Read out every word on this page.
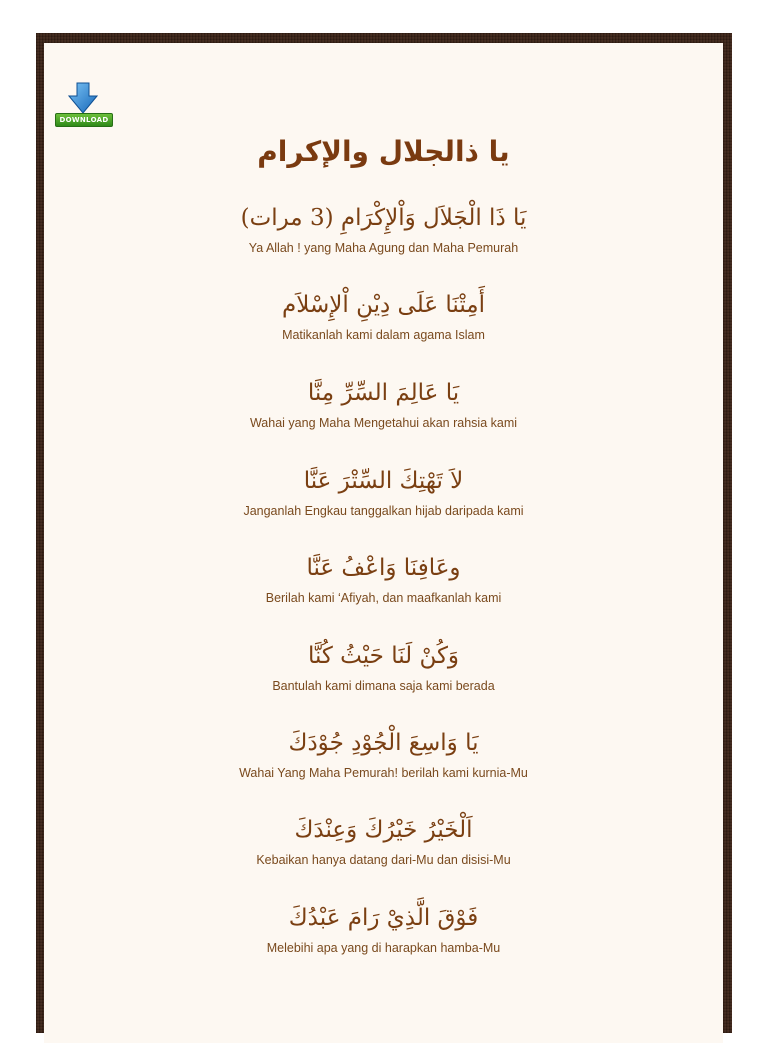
DOWNLOAD
يا ذالجلال والإكرام
يَا ذَا الْجَلاَل وَاْلإِكْرَامِ (3 مرات)
Ya Allah ! yang Maha Agung dan Maha Pemurah
أَمِتْنَا عَلَى دِيْنِ اْلإِسْلاَم
Matikanlah kami dalam agama Islam
يَا عَالِمَ السِّرِّ مِنَّا
Wahai yang Maha Mengetahui akan rahsia kami
لاَ تَهْتِكَ السِّتْرَ عَنَّا
Janganlah Engkau tanggalkan hijab daripada kami
وعَافِنَا وَاعْفُ عَنَّا
Berilah kami ‘Afiyah, dan maafkanlah kami
وَكُنْ لَنَا حَيْثُ كُنَّا
Bantulah kami dimana saja kami berada
يَا وَاسِعَ الْجُوْدِ جُوْدَكَ
Wahai Yang Maha Pemurah! berilah kami kurnia-Mu
اَلْخَيْرُ خَيْرُكَ وَعِنْدَكَ
Kebaikan hanya datang dari-Mu dan disisi-Mu
فَوْقَ الَّذِيْ رَامَ عَبْدُكَ
Melebihi apa yang di harapkan hamba-Mu
